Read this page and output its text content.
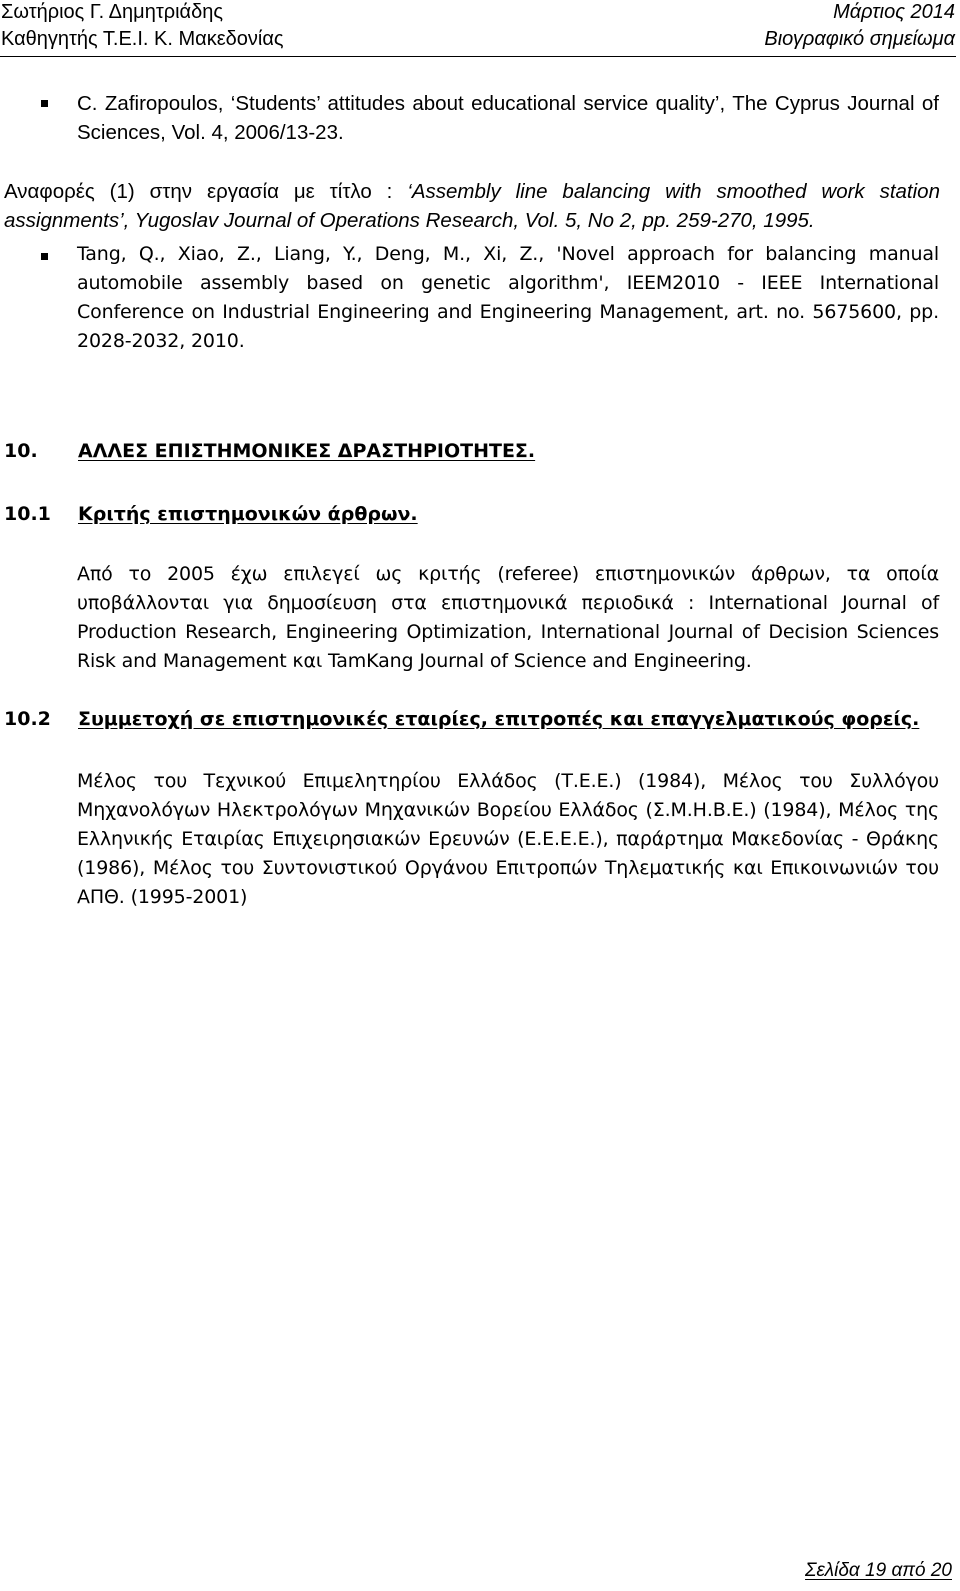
Σωτήριος Γ. Δημητριάδης
Καθηγητής Τ.Ε.Ι. Κ. Μακεδονίας
Μάρτιος 2014
Βιογραφικό σημείωμα
C. Zafiropoulos, ‘Students’ attitudes about educational service quality’, The Cyprus Journal of Sciences, Vol. 4, 2006/13-23.
Αναφορές (1) στην εργασία με τίτλο : ‘Assembly line balancing with smoothed work station assignments’, Yugoslav Journal of Operations Research, Vol. 5, No 2, pp. 259-270, 1995.
Tang, Q., Xiao, Z., Liang, Y., Deng, M., Xi, Z., 'Novel approach for balancing manual automobile assembly based on genetic algorithm', IEEM2010 - IEEE International Conference on Industrial Engineering and Engineering Management, art. no. 5675600, pp. 2028-2032, 2010.
10. ΑΛΛΕΣ ΕΠΙΣΤΗΜΟΝΙΚΕΣ ΔΡΑΣΤΗΡΙΟΤΗΤΕΣ.
10.1 Κριτής επιστημονικών άρθρων.
Από το 2005 έχω επιλεγεί ως κριτής (referee) επιστημονικών άρθρων, τα οποία υποβάλλονται για δημοσίευση στα επιστημονικά περιοδικά : International Journal of Production Research, Engineering Optimization, International Journal of Decision Sciences Risk and Management και TamKang Journal of Science and Engineering.
10.2 Συμμετοχή σε επιστημονικές εταιρίες, επιτροπές και επαγγελματικούς φορείς.
Μέλος του Τεχνικού Επιμελητηρίου Ελλάδος (Τ.Ε.Ε.) (1984), Μέλος του Συλλόγου Μηχανολόγων Ηλεκτρολόγων Μηχανικών Βορείου Ελλάδος (Σ.Μ.Η.Β.Ε.) (1984), Μέλος της Ελληνικής Εταιρίας Επιχειρησιακών Ερευνών (Ε.Ε.Ε.Ε.), παράρτημα Μακεδονίας - Θράκης (1986), Μέλος του Συντονιστικού Οργάνου Επιτροπών Τηλεματικής και Επικοινωνιών του ΑΠΘ. (1995-2001)
Σελίδα 19 από 20
